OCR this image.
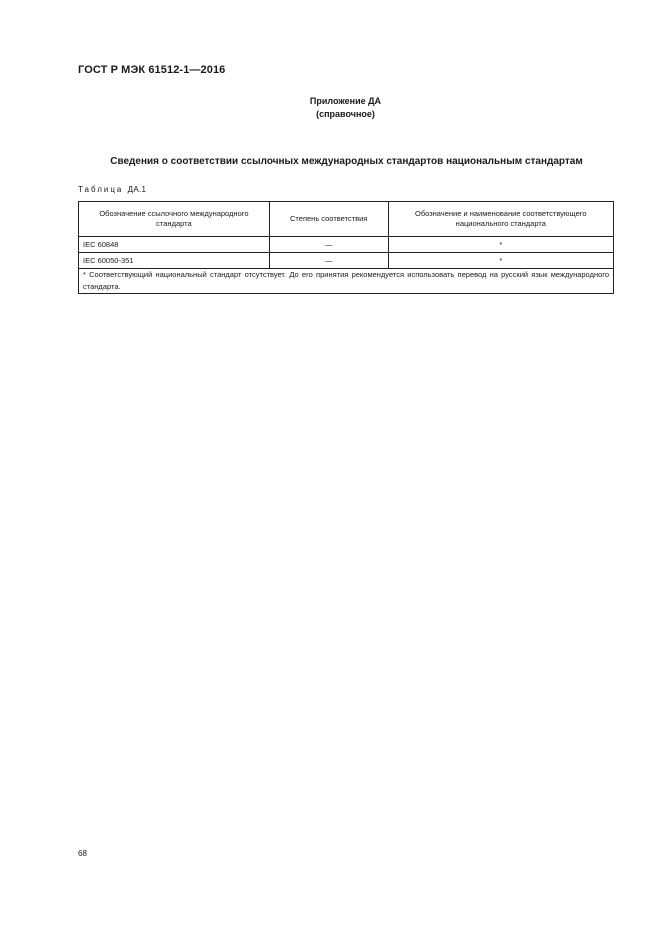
ГОСТ Р МЭК 61512-1—2016
Приложение ДА
(справочное)
Сведения о соответствии ссылочных международных стандартов национальным стандартам
Таблица ДА.1
Обозначение ссылочного международного стандарта	Степень соответствия	Обозначение и наименование соответствующего национального стандарта
IEC 60848	—	*
IEC 60050-351	—	*
* Соответствующий национальный стандарт отсутствует. До его принятия рекомендуется использовать перевод на русский язык международного стандарта.		
68
